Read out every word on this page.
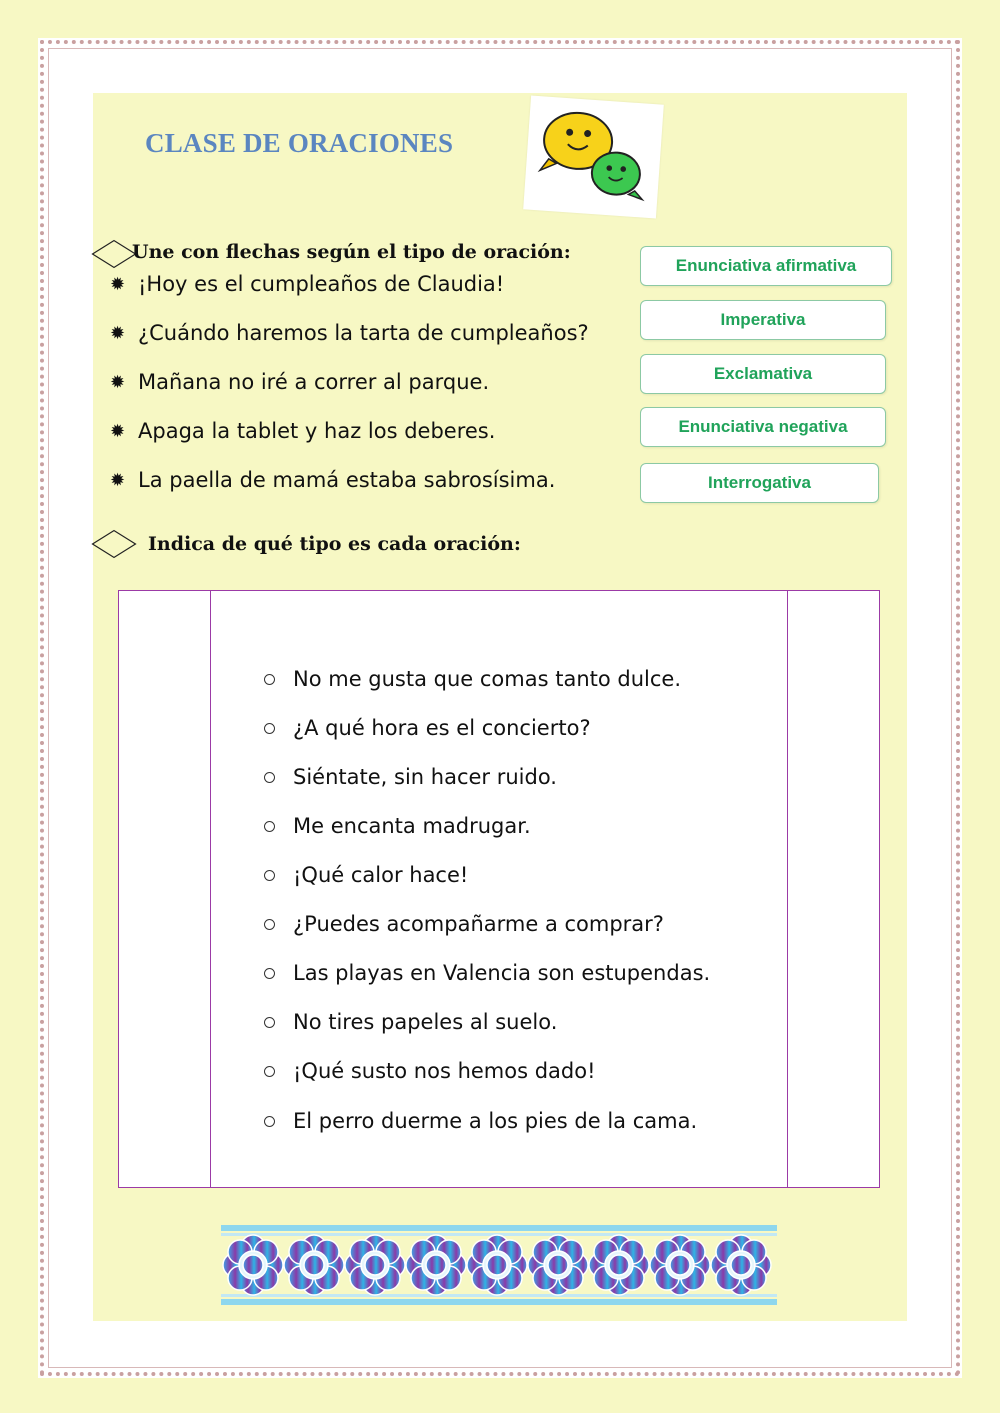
CLASE DE ORACIONES
Une con flechas según el tipo de oración:
✹ ¡Hoy es el cumpleaños de Claudia!
✹ ¿Cuándo haremos la tarta de cumpleaños?
✹ Mañana no iré a correr al parque.
✹ Apaga la tablet y haz los deberes.
✹ La paella de mamá estaba sabrosísima.
Enunciativa afirmativa
Imperativa
Exclamativa
Enunciativa negativa
Interrogativa
Indica de qué tipo es cada oración:
No me gusta que comas tanto dulce.
¿A qué hora es el concierto?
Siéntate, sin hacer ruido.
Me encanta madrugar.
¡Qué calor hace!
¿Puedes acompañarme a comprar?
Las playas en Valencia son estupendas.
No tires papeles al suelo.
¡Qué susto nos hemos dado!
El perro duerme a los pies de la cama.
